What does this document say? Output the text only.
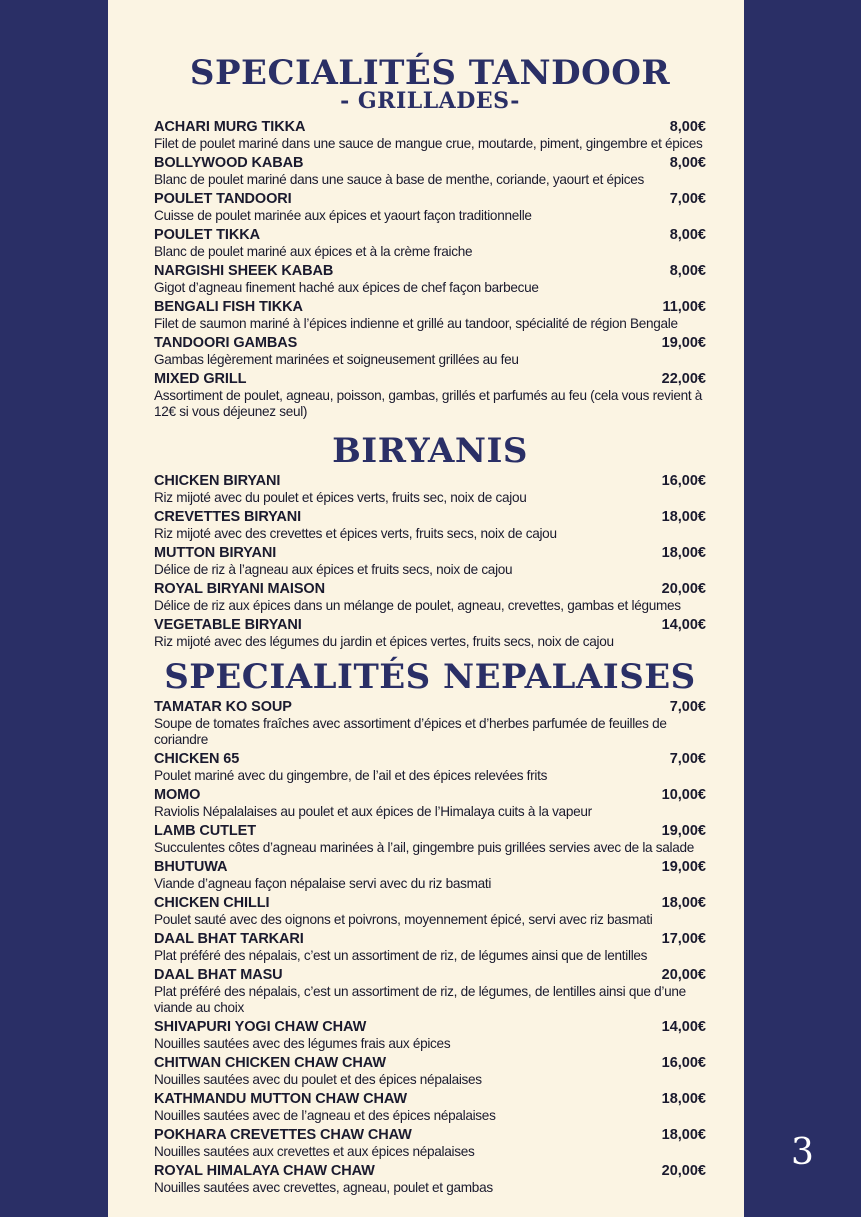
SPECIALITÉS TANDOOR
- GRILLADES-
ACHARI MURG TIKKA	8,00€
Filet de poulet mariné dans une sauce de mangue crue, moutarde, piment, gingembre et épices
BOLLYWOOD KABAB	8,00€
Blanc de poulet mariné dans une sauce à base de menthe, coriande, yaourt et épices
POULET TANDOORI	7,00€
Cuisse de poulet marinée aux épices et yaourt façon traditionnelle
POULET TIKKA	8,00€
Blanc de poulet mariné aux épices et à la crème fraiche
NARGISHI SHEEK KABAB	8,00€
Gigot d’agneau finement haché aux épices de chef façon barbecue
BENGALI FISH TIKKA	11,00€
Filet de saumon mariné à l’épices indienne et grillé au tandoor, spécialité de région Bengale
TANDOORI GAMBAS	19,00€
Gambas légèrement marinées et soigneusement grillées au feu
MIXED GRILL	22,00€
Assortiment de poulet, agneau, poisson, gambas, grillés et parfumés au feu (cela vous revient à 12€ si vous déjeunez seul)
BIRYANIS
CHICKEN BIRYANI	16,00€
Riz mijoté avec du poulet et épices verts, fruits sec, noix de cajou
CREVETTES BIRYANI	18,00€
Riz mijoté avec des crevettes et épices verts, fruits secs, noix de cajou
MUTTON BIRYANI	18,00€
Délice de riz à l’agneau aux épices et fruits secs, noix de cajou
ROYAL BIRYANI MAISON	20,00€
Délice de riz aux épices dans un mélange de poulet, agneau, crevettes, gambas et légumes
VEGETABLE BIRYANI	14,00€
Riz mijoté avec des légumes du jardin et épices vertes, fruits secs, noix de cajou
SPECIALITÉS NEPALAISES
TAMATAR KO SOUP	7,00€
Soupe de tomates fraîches avec assortiment d’épices et d’herbes parfumée de feuilles de coriandre
CHICKEN 65	7,00€
Poulet mariné avec du gingembre, de l’ail et des épices relevées frits
MOMO	10,00€
Raviolis Népalalaises au poulet et aux épices de l’Himalaya cuits à la vapeur
LAMB CUTLET	19,00€
Succulentes côtes d’agneau marinées à l’ail, gingembre puis grillées servies avec de la salade
BHUTUWA	19,00€
Viande d’agneau façon népalaise servi avec du riz basmati
CHICKEN CHILLI	18,00€
Poulet sauté avec des oignons et poivrons, moyennement épicé, servi avec riz basmati
DAAL BHAT TARKARI	17,00€
Plat préféré des népalais, c’est un assortiment de riz, de légumes ainsi que de lentilles
DAAL BHAT MASU	20,00€
Plat préféré des népalais, c’est un assortiment de riz, de légumes, de lentilles ainsi que d’une viande au choix
SHIVAPURI YOGI CHAW CHAW	14,00€
Nouilles sautées avec des légumes frais aux épices
CHITWAN CHICKEN CHAW CHAW	16,00€
Nouilles sautées avec du poulet et des épices népalaises
KATHMANDU MUTTON CHAW CHAW	18,00€
Nouilles sautées avec de l’agneau et des épices népalaises
POKHARA CREVETTES CHAW CHAW	18,00€
Nouilles sautées aux crevettes et aux épices népalaises
ROYAL HIMALAYA CHAW CHAW	20,00€
Nouilles sautées avec crevettes, agneau, poulet et gambas
3
